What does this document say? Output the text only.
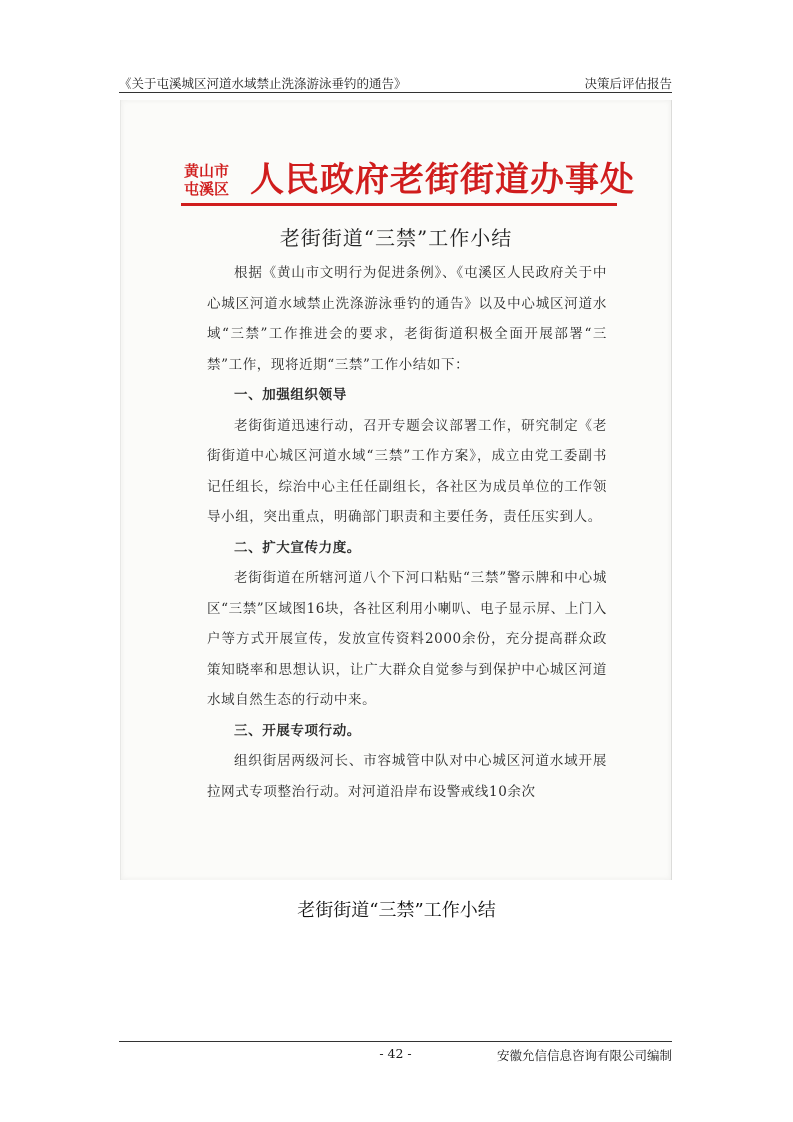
《关于屯溪城区河道水域禁止洗涤游泳垂钓的通告》	决策后评估报告
黄山市
屯溪区 人民政府老街街道办事处
老街街道“三禁”工作小结

根据《黄山市文明行为促进条例》、《屯溪区人民政府关于中心城区河道水域禁止洗涤游泳垂钓的通告》以及中心城区河道水域“三禁”工作推进会的要求，老街街道积极全面开展部署“三禁”工作，现将近期“三禁”工作小结如下：

一、加强组织领导

老街街道迅速行动，召开专题会议部署工作，研究制定《老街街道中心城区河道水域“三禁”工作方案》，成立由党工委副书记任组长，综治中心主任任副组长，各社区为成员单位的工作领导小组，突出重点，明确部门职责和主要任务，责任压实到人。

二、扩大宣传力度。

老街街道在所辖河道八个下河口粘贴“三禁”警示牌和中心城区“三禁”区域图16块，各社区利用小喇叭、电子显示屏、上门入户等方式开展宣传，发放宣传资料2000余份，充分提高群众政策知晓率和思想认识，让广大群众自觉参与到保护中心城区河道水域自然生态的行动中来。

三、开展专项行动。

组织街居两级河长、市容城管中队对中心城区河道水域开展拉网式专项整治行动。对河道沿岸布设警戒线10余次

老街街道“三禁”工作小结
- 42 -	安徽允信信息咨询有限公司编制
